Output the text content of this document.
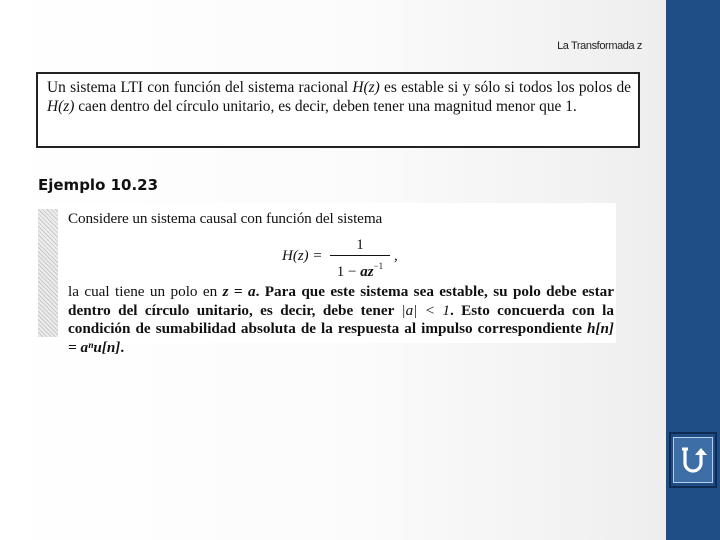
La Transformada z
Un sistema LTI con función del sistema racional H(z) es estable si y sólo si todos los polos de H(z) caen dentro del círculo unitario, es decir, deben tener una magnitud menor que 1.
Ejemplo 10.23
Considere un sistema causal con función del sistema
H(z) =
1
$1 - az^{-1}$
,
la cual tiene un polo en z = a. Para que este sistema sea estable, su polo debe estar dentro del círculo unitario, es decir, debe tener |a| < 1. Esto concuerda con la condición de sumabilidad absoluta de la respuesta al impulso correspondiente h[n] = aⁿu[n].
